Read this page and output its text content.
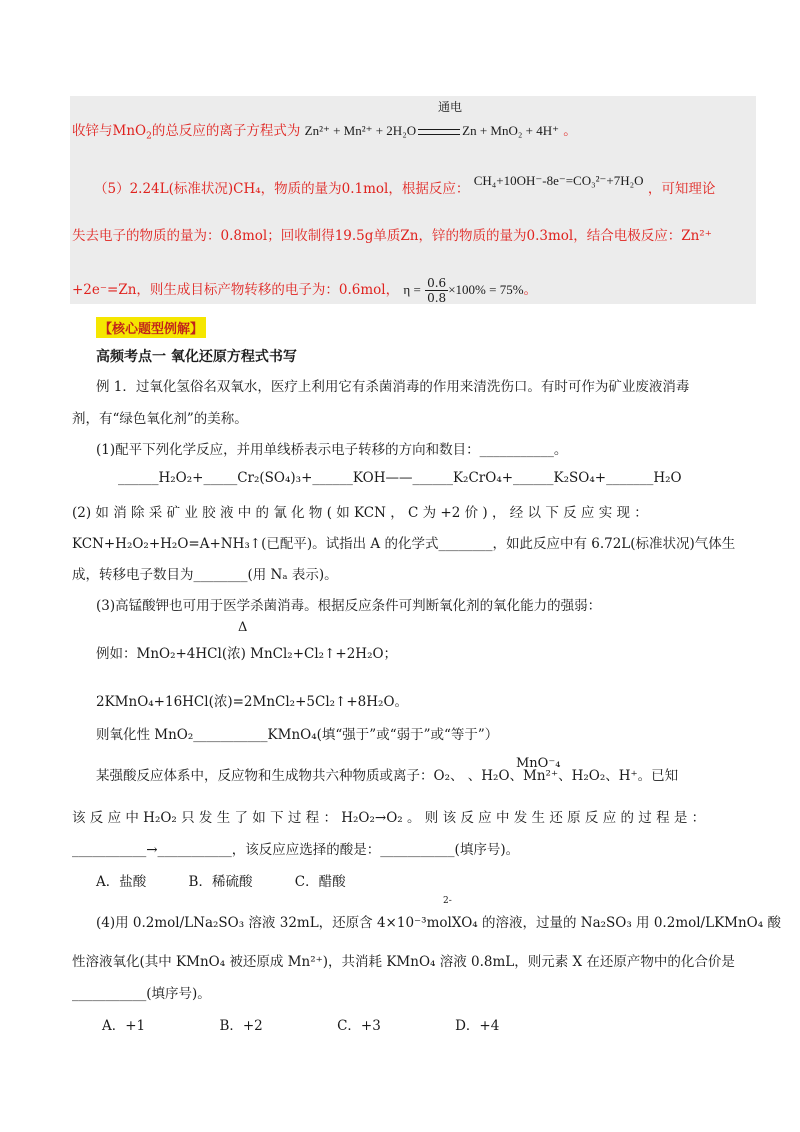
通电
收锌与MnO$_2$的总反应的离子方程式为 Zn²⁺ + Mn²⁺ + 2H₂O	Zn + MnO₂ + 4H⁺ 。
（5）2.24L(标准状况)CH₄，物质的量为0.1mol，根据反应： CH₄+10OH⁻-8e⁻=CO₃²⁻+7H₂O ，可知理论
失去电子的物质的量为：0.8mol；回收制得19.5g单质Zn，锌的物质的量为0.3mol，结合电极反应：Zn²⁺
+2e⁻=Zn，则生成目标产物转移的电子为：0.6mol， $\eta = \frac{0.6}{0.8} \times 100\% = 75\%$。
【核心题型例解】
高频考点一 氧化还原方程式书写
例 1．过氧化氢俗名双氧水，医疗上利用它有杀菌消毒的作用来清洗伤口。有时可作为矿业废液消毒
剂，有“绿色氧化剂”的美称。
(1)配平下列化学反应，并用单线桥表示电子转移的方向和数目：___________。
______H₂O₂+_____Cr₂(SO₄)₃+______KOH——______K₂CrO₄+______K₂SO₄+_______H₂O
(2) 如 消 除 采 矿 业 胶 液 中 的 氰 化 物 ( 如 KCN ， C 为 +2 价 ) ， 经 以 下 反 应 实 现 ：
KCN+H₂O₂+H₂O=A+NH₃↑(已配平)。试指出 A 的化学式________，如此反应中有 6.72L(标准状况)气体生
成，转移电子数目为________(用 Nₐ 表示)。
(3)高锰酸钾也可用于医学杀菌消毒。根据反应条件可判断氧化剂的氧化能力的强弱：
Δ
例如：MnO₂+4HCl(浓) MnCl₂+Cl₂↑+2H₂O；
2KMnO₄+16HCl(浓)=2MnCl₂+5Cl₂↑+8H₂O。
则氧化性 MnO₂___________KMnO₄(填“强于”或“弱于”或“等于”）
MnO⁻₄
某强酸反应体系中，反应物和生成物共六种物质或离子：O₂、 、H₂O、Mn²⁺、H₂O₂、H⁺。已知
该 反 应 中 H₂O₂ 只 发 生 了 如 下 过 程 ： H₂O₂→O₂ 。 则 该 反 应 中 发 生 还 原 反 应 的 过 程 是 ：
___________→___________，该反应应选择的酸是：___________(填序号)。
A．盐酸	B．稀硫酸	C．醋酸
2-
(4)用 0.2mol/LNa₂SO₃ 溶液 32mL，还原含 4×10⁻³molXO₄ 的溶液，过量的 Na₂SO₃ 用 0.2mol/LKMnO₄ 酸
性溶液氧化(其中 KMnO₄ 被还原成 Mn²⁺)，共消耗 KMnO₄ 溶液 0.8mL，则元素 X 在还原产物中的化合价是
___________(填序号)。
A．+1	B．+2	C．+3	D．+4
